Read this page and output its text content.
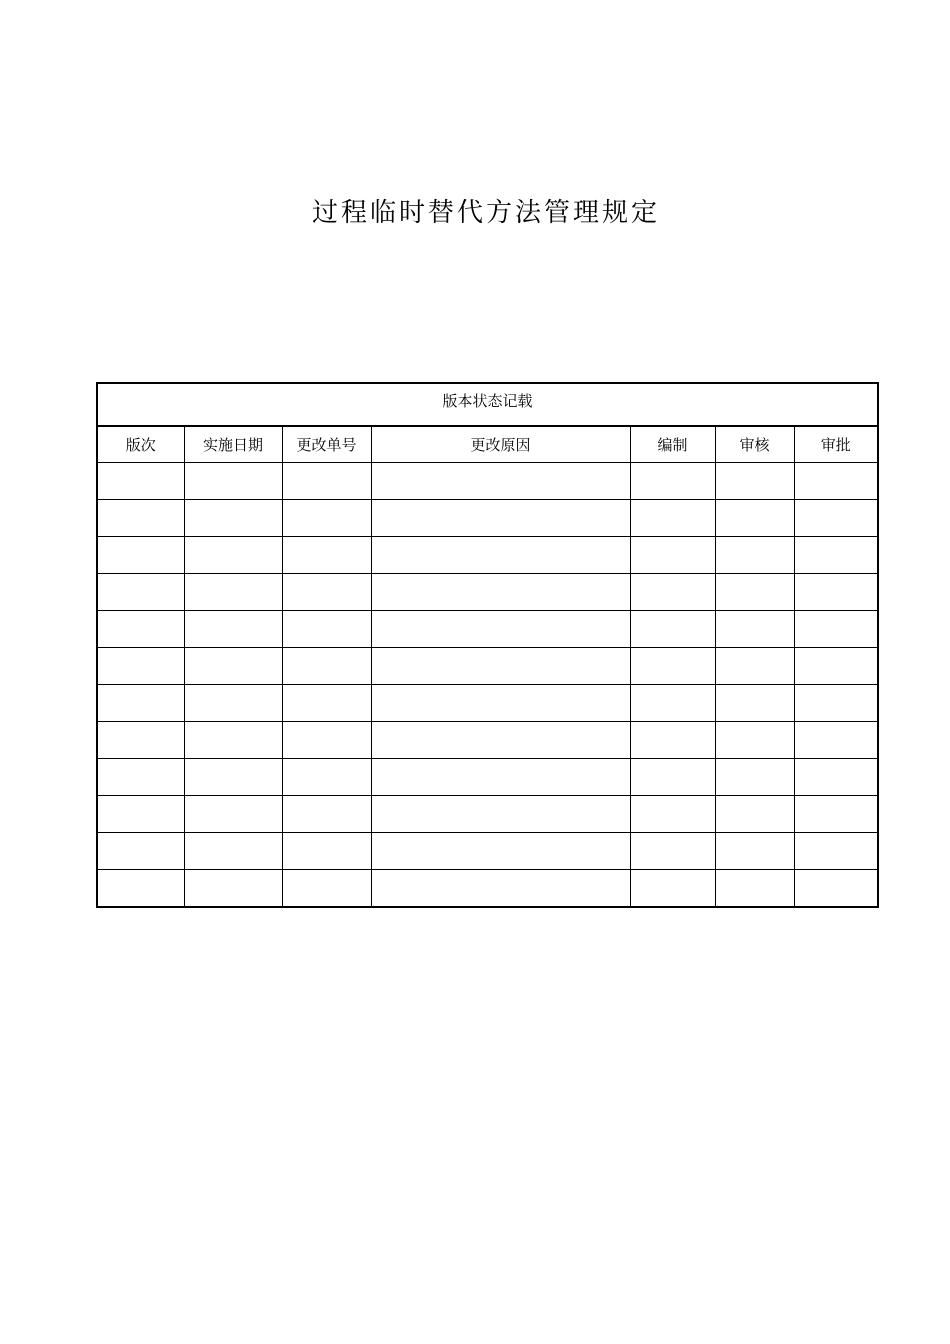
过程临时替代方法管理规定
版本状态记载						
版次	实施日期	更改单号	更改原因	编制	审核	审批
